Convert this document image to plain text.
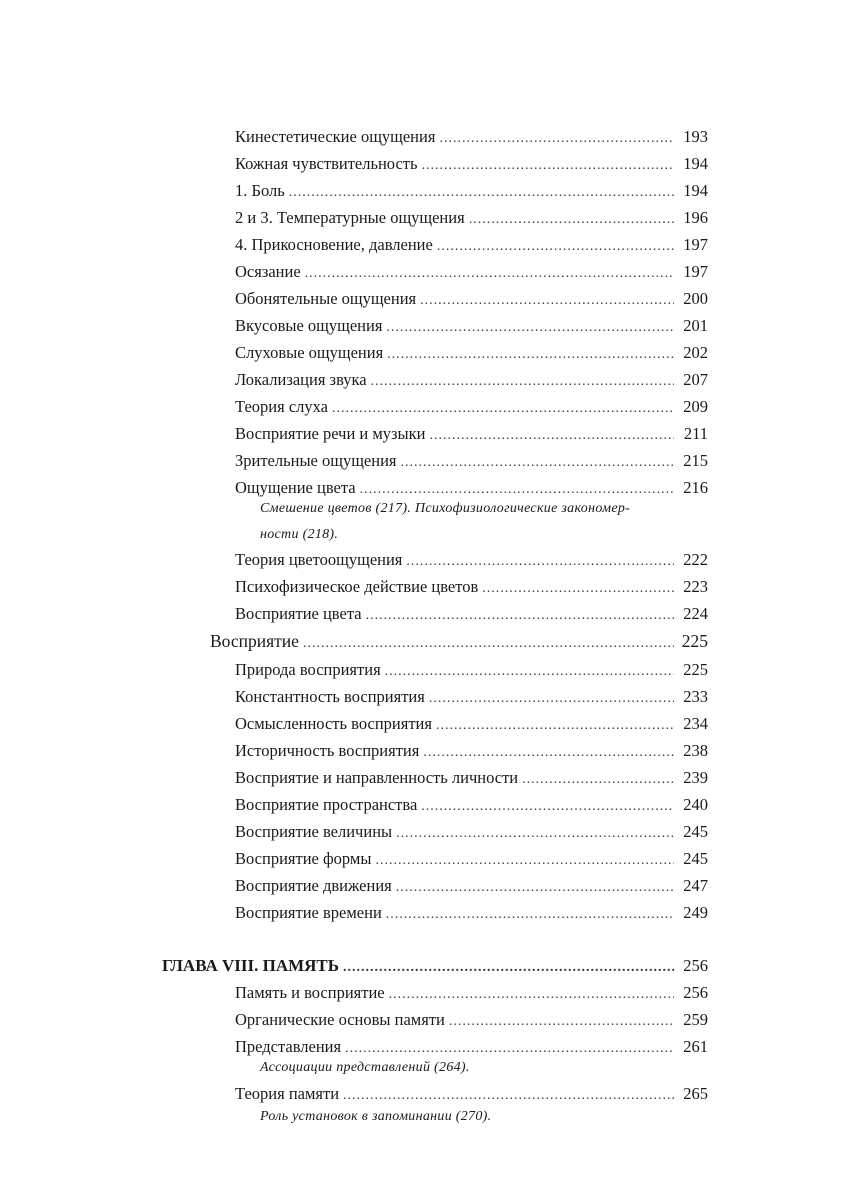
Кинестетические ощущения .....	193
Кожная чувствительность .....	194
1. Боль .....	194
2 и 3. Температурные ощущения .....	196
4. Прикосновение, давление .....	197
Осязание .....	197
Обонятельные ощущения .....	200
Вкусовые ощущения .....	201
Слуховые ощущения .....	202
Локализация звука .....	207
Теория слуха .....	209
Восприятие речи и музыки .....	211
Зрительные ощущения .....	215
Ощущение цвета .....	216
Смешение цветов (217). Психофизиологические закономер-
ности (218).
Теория цветоощущения .....	222
Психофизическое действие цветов .....	223
Восприятие цвета .....	224
Восприятие .....	225
Природа восприятия .....	225
Константность восприятия .....	233
Осмысленность восприятия .....	234
Историчность восприятия .....	238
Восприятие и направленность личности .....	239
Восприятие пространства .....	240
Восприятие величины .....	245
Восприятие формы .....	245
Восприятие движения .....	247
Восприятие времени .....	249
ГЛАВА VIII. ПАМЯТЬ .....	256
Память и восприятие .....	256
Органические основы памяти .....	259
Представления .....	261
Ассоциации представлений (264).
Теория памяти .....	265
Роль установок в запоминании (270).
